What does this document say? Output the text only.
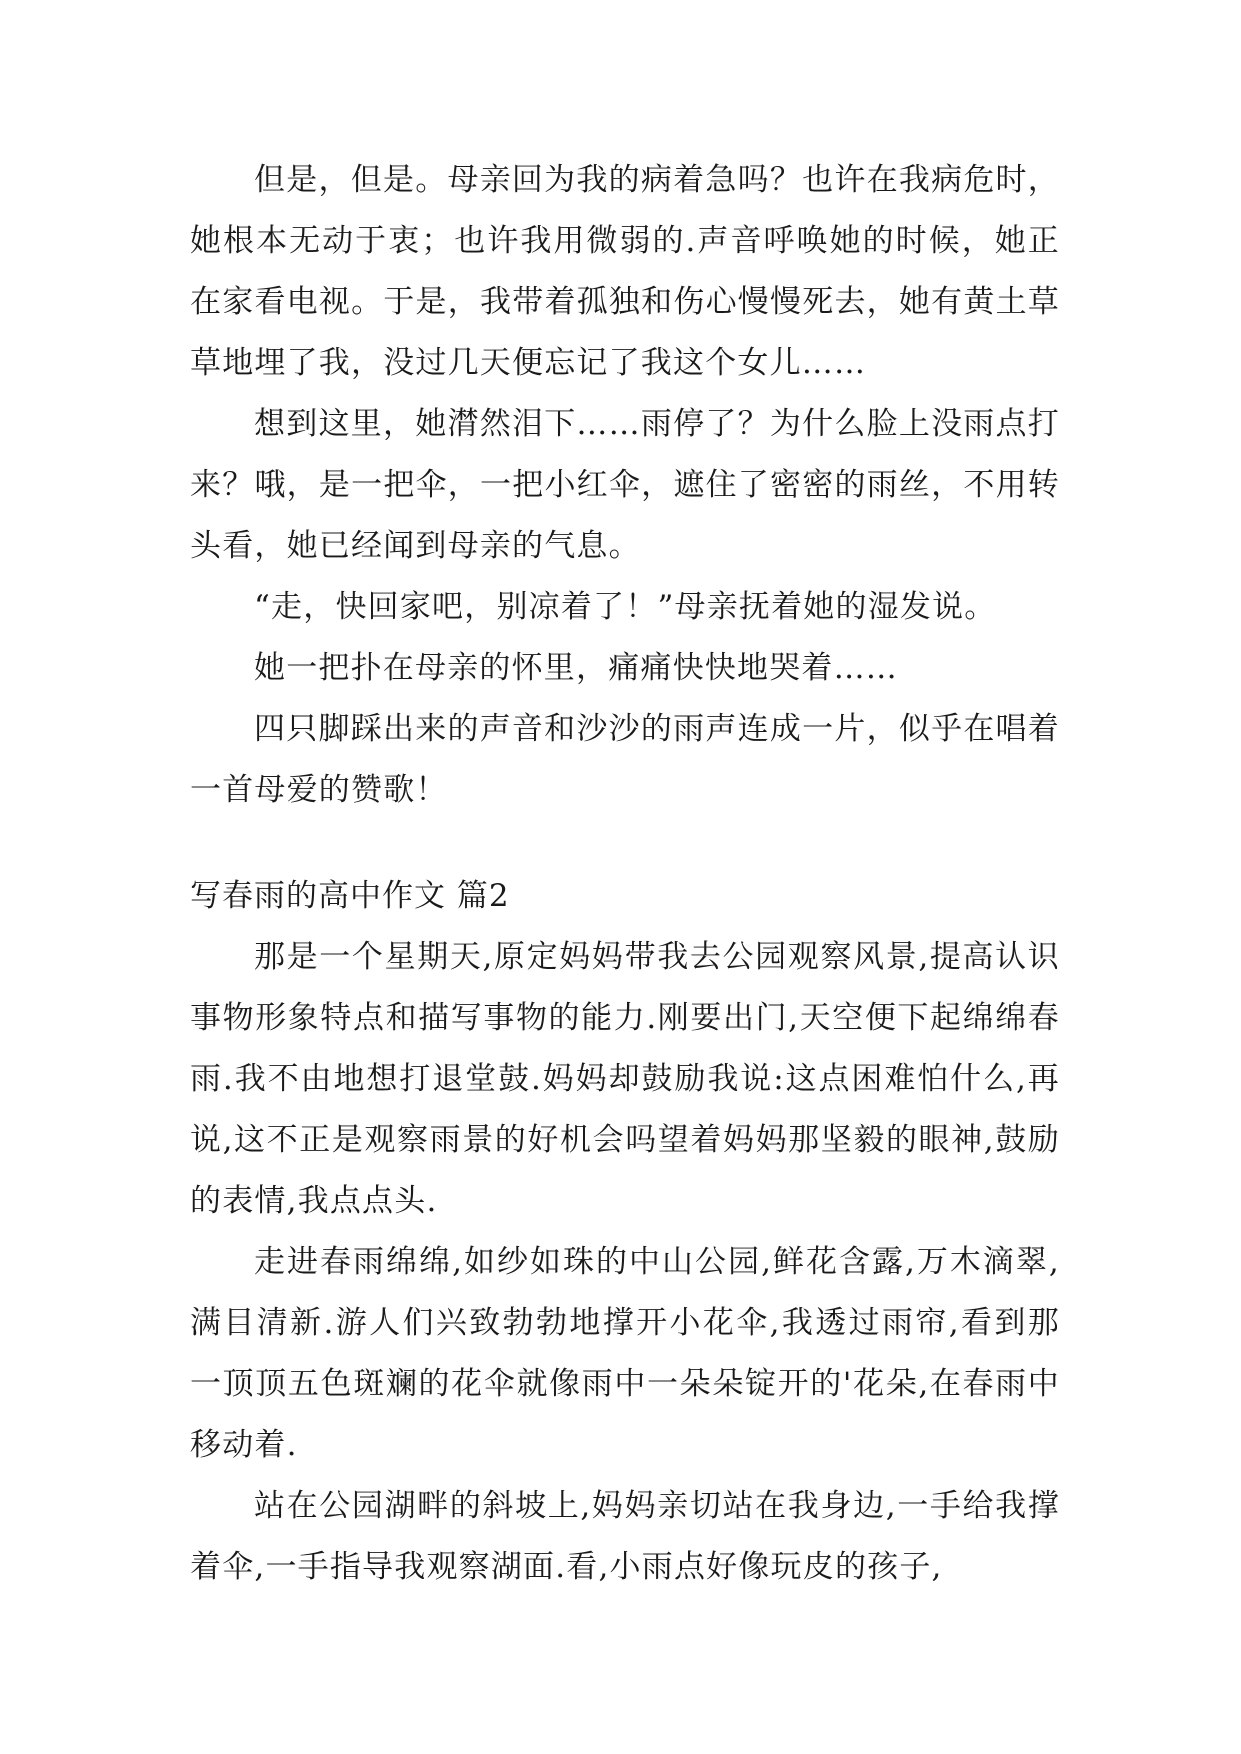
但是，但是。母亲回为我的病着急吗？也许在我病危时，她根本无动于衷；也许我用微弱的.声音呼唤她的时候，她正在家看电视。于是，我带着孤独和伤心慢慢死去，她有黄土草草地埋了我，没过几天便忘记了我这个女儿……

想到这里，她潸然泪下……雨停了？为什么脸上没雨点打来？哦，是一把伞，一把小红伞，遮住了密密的雨丝，不用转头看，她已经闻到母亲的气息。

“走，快回家吧，别凉着了！”母亲抚着她的湿发说。

她一把扑在母亲的怀里，痛痛快快地哭着……

四只脚踩出来的声音和沙沙的雨声连成一片，似乎在唱着一首母爱的赞歌！

写春雨的高中作文 篇2

那是一个星期天,原定妈妈带我去公园观察风景,提高认识事物形象特点和描写事物的能力.刚要出门,天空便下起绵绵春雨.我不由地想打退堂鼓.妈妈却鼓励我说:这点困难怕什么,再说,这不正是观察雨景的好机会吗望着妈妈那坚毅的眼神,鼓励的表情,我点点头.

走进春雨绵绵,如纱如珠的中山公园,鲜花含露,万木滴翠,满目清新.游人们兴致勃勃地撑开小花伞,我透过雨帘,看到那一顶顶五色斑斓的花伞就像雨中一朵朵锭开的'花朵,在春雨中移动着.

站在公园湖畔的斜坡上,妈妈亲切站在我身边,一手给我撑着伞,一手指导我观察湖面.看,小雨点好像玩皮的孩子,
